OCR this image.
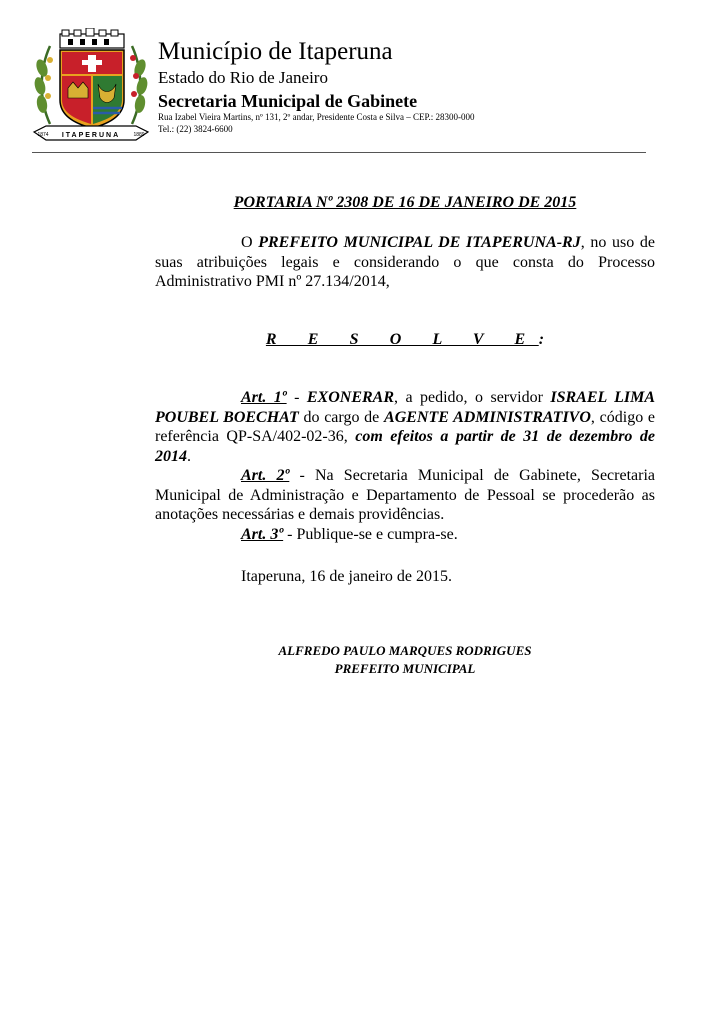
ITAPERUNA
1874	1889
Município de Itaperuna
Estado do Rio de Janeiro
Secretaria Municipal de Gabinete
Rua Izabel Vieira Martins, nº 131, 2º andar, Presidente Costa e Silva – CEP.: 28300-000
Tel.: (22) 3824-6600
PORTARIA Nº 2308 DE 16 DE JANEIRO DE 2015

O PREFEITO MUNICIPAL DE ITAPERUNA-RJ, no uso de suas atribuições legais e considerando o que consta do Processo Administrativo PMI nº 27.134/2014,

R E S O L V E:

Art. 1º - EXONERAR, a pedido, o servidor ISRAEL LIMA POUBEL BOECHAT do cargo de AGENTE ADMINISTRATIVO, código e referência QP-SA/402-02-36, com efeitos a partir de 31 de dezembro de 2014.

Art. 2º - Na Secretaria Municipal de Gabinete, Secretaria Municipal de Administração e Departamento de Pessoal se procederão as anotações necessárias e demais providências.

Art. 3º - Publique-se e cumpra-se.

Itaperuna, 16 de janeiro de 2015.

ALFREDO PAULO MARQUES RODRIGUES
PREFEITO MUNICIPAL
